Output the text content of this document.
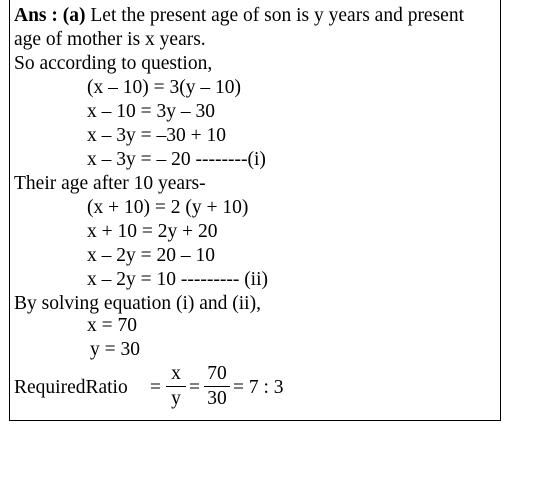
Ans : (a) Let the present age of son is y years and present
age of mother is x years.
So according to question,
(x – 10) = 3(y – 10)
x – 10 = 3y – 30
x – 3y = –30 + 10
x – 3y = – 20 --------(i)
Their age after 10 years-
(x + 10) = 2 (y + 10)
x + 10 = 2y + 20
x – 2y = 20 – 10
x – 2y = 10 --------- (ii)
By solving equation (i) and (ii),
x = 70
y = 30
RequiredRatio =
x
y
=
70
30
= 7 : 3
